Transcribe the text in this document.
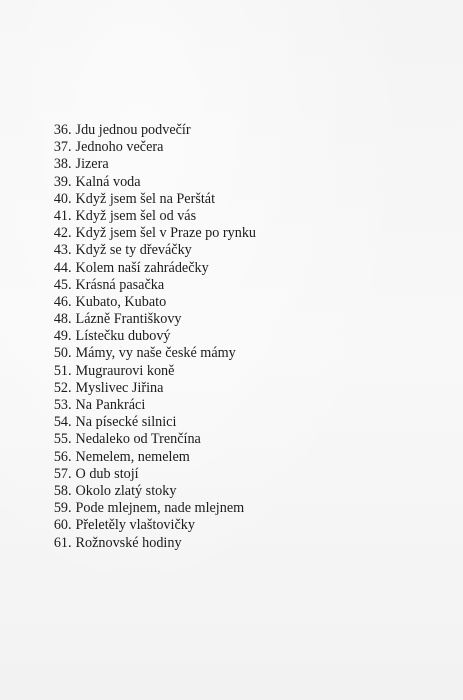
36 . Jdu jednou podvečír
37 . Jednoho večera
38 . Jizera
39 . Kalná voda
40 . Když jsem šel na Perštát
41 . Když jsem šel od vás
42 . Když jsem šel v Praze po rynku
43 . Když se ty dřeváčky
44 . Kolem naší zahrádečky
45 . Krásná pasačka
46 . Kubato, Kubato
48 . Lázně Františkovy
49 . Lístečku dubový
50 . Mámy, vy naše české mámy
51 . Mugraurovi koně
52 . Myslivec Jiřina
53 . Na Pankráci
54 . Na písecké silnici
55 . Nedaleko od Trenčína
56 . Nemelem, nemelem
57 . O dub stojí
58 . Okolo zlatý stoky
59 . Pode mlejnem, nade mlejnem
60 . Přeletěly vlaštovičky
61 . Rožnovské hodiny
